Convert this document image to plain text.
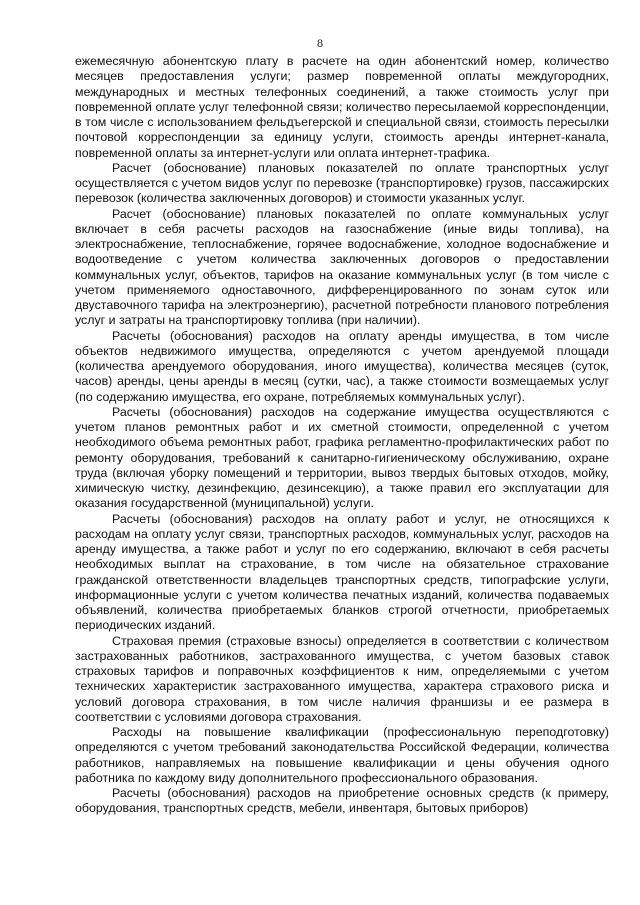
8

ежемесячную абонентскую плату в расчете на один абонентский номер, количество месяцев предоставления услуги; размер повременной оплаты междугородних, международных и местных телефонных соединений, а также стоимость услуг при повременной оплате услуг телефонной связи; количество пересылаемой корреспонденции, в том числе с использованием фельдъегерской и специальной связи, стоимость пересылки почтовой корреспонденции за единицу услуги, стоимость аренды интернет-канала, повременной оплаты за интернет-услуги или оплата интернет-трафика.

Расчет (обоснование) плановых показателей по оплате транспортных услуг осуществляется с учетом видов услуг по перевозке (транспортировке) грузов, пассажирских перевозок (количества заключенных договоров) и стоимости указанных услуг.

Расчет (обоснование) плановых показателей по оплате коммунальных услуг включает в себя расчеты расходов на газоснабжение (иные виды топлива), на электроснабжение, теплоснабжение, горячее водоснабжение, холодное водоснабжение и водоотведение с учетом количества заключенных договоров о предоставлении коммунальных услуг, объектов, тарифов на оказание коммунальных услуг (в том числе с учетом применяемого одноставочного, дифференцированного по зонам суток или двуставочного тарифа на электроэнергию), расчетной потребности планового потребления услуг и затраты на транспортировку топлива (при наличии).

Расчеты (обоснования) расходов на оплату аренды имущества, в том числе объектов недвижимого имущества, определяются с учетом арендуемой площади (количества арендуемого оборудования, иного имущества), количества месяцев (суток, часов) аренды, цены аренды в месяц (сутки, час), а также стоимости возмещаемых услуг (по содержанию имущества, его охране, потребляемых коммунальных услуг).

Расчеты (обоснования) расходов на содержание имущества осуществляются с учетом планов ремонтных работ и их сметной стоимости, определенной с учетом необходимого объема ремонтных работ, графика регламентно-профилактических работ по ремонту оборудования, требований к санитарно-гигиеническому обслуживанию, охране труда (включая уборку помещений и территории, вывоз твердых бытовых отходов, мойку, химическую чистку, дезинфекцию, дезинсекцию), а также правил его эксплуатации для оказания государственной (муниципальной) услуги.

Расчеты (обоснования) расходов на оплату работ и услуг, не относящихся к расходам на оплату услуг связи, транспортных расходов, коммунальных услуг, расходов на аренду имущества, а также работ и услуг по его содержанию, включают в себя расчеты необходимых выплат на страхование, в том числе на обязательное страхование гражданской ответственности владельцев транспортных средств, типографские услуги, информационные услуги с учетом количества печатных изданий, количества подаваемых объявлений, количества приобретаемых бланков строгой отчетности, приобретаемых периодических изданий.

Страховая премия (страховые взносы) определяется в соответствии с количеством застрахованных работников, застрахованного имущества, с учетом базовых ставок страховых тарифов и поправочных коэффициентов к ним, определяемыми с учетом технических характеристик застрахованного имущества, характера страхового риска и условий договора страхования, в том числе наличия франшизы и ее размера в соответствии с условиями договора страхования.

Расходы на повышение квалификации (профессиональную переподготовку) определяются с учетом требований законодательства Российской Федерации, количества работников, направляемых на повышение квалификации и цены обучения одного работника по каждому виду дополнительного профессионального образования.

Расчеты (обоснования) расходов на приобретение основных средств (к примеру, оборудования, транспортных средств, мебели, инвентаря, бытовых приборов)
